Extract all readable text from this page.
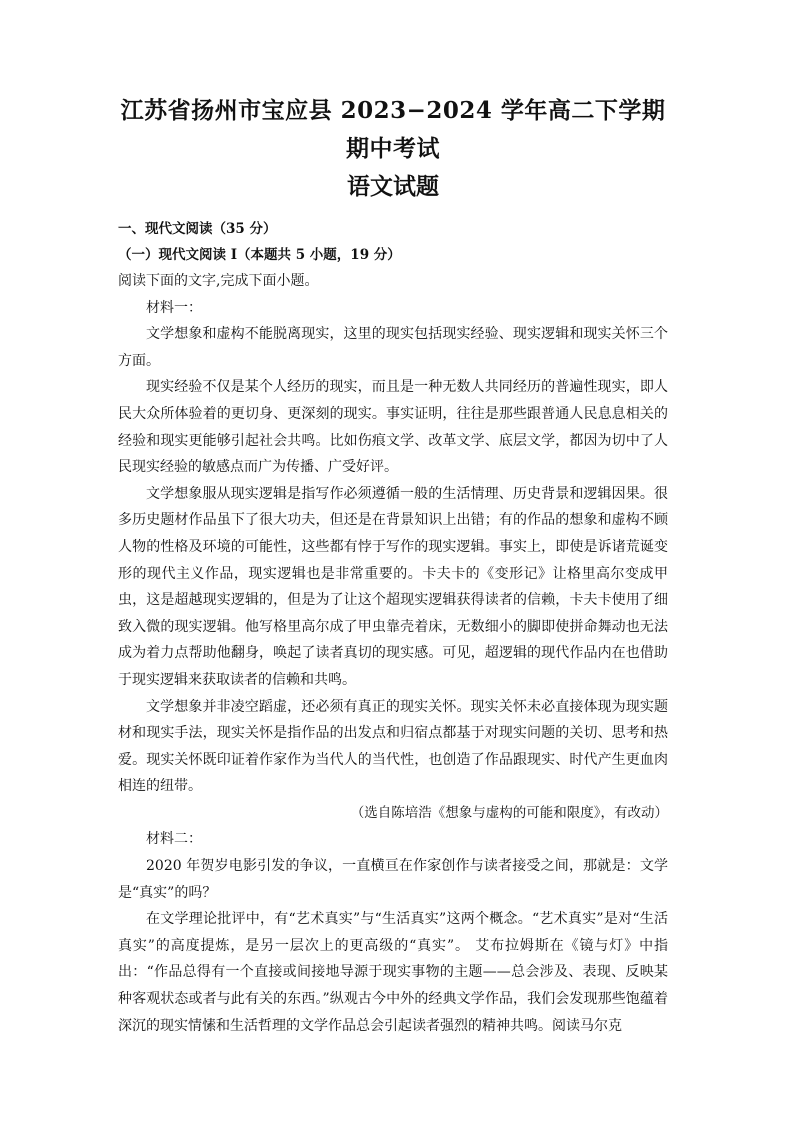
江苏省扬州市宝应县 2023−2024 学年高二下学期期中考试
语文试题
一、现代文阅读（35 分）
（一）现代文阅读 I（本题共 5 小题，19 分）

阅读下面的文字,完成下面小题。

材料一：

文学想象和虚构不能脱离现实，这里的现实包括现实经验、现实逻辑和现实关怀三个方面。

现实经验不仅是某个人经历的现实，而且是一种无数人共同经历的普遍性现实，即人民大众所体验着的更切身、更深刻的现实。事实证明，往往是那些跟普通人民息息相关的经验和现实更能够引起社会共鸣。比如伤痕文学、改革文学、底层文学，都因为切中了人民现实经验的敏感点而广为传播、广受好评。

文学想象服从现实逻辑是指写作必须遵循一般的生活情理、历史背景和逻辑因果。很多历史题材作品虽下了很大功夫，但还是在背景知识上出错；有的作品的想象和虚构不顾人物的性格及环境的可能性，这些都有悖于写作的现实逻辑。事实上，即使是诉诸荒诞变形的现代主义作品，现实逻辑也是非常重要的。卡夫卡的《变形记》让格里高尔变成甲虫，这是超越现实逻辑的，但是为了让这个超现实逻辑获得读者的信赖，卡夫卡使用了细致入微的现实逻辑。他写格里高尔成了甲虫靠壳着床，无数细小的脚即使拼命舞动也无法成为着力点帮助他翻身，唤起了读者真切的现实感。可见，超逻辑的现代作品内在也借助于现实逻辑来获取读者的信赖和共鸣。

文学想象并非凌空蹈虚，还必须有真正的现实关怀。现实关怀未必直接体现为现实题材和现实手法，现实关怀是指作品的出发点和归宿点都基于对现实问题的关切、思考和热爱。现实关怀既印证着作家作为当代人的当代性，也创造了作品跟现实、时代产生更血肉相连的纽带。

（选自陈培浩《想象与虚构的可能和限度》，有改动）

材料二：

2020 年贺岁电影引发的争议，一直横亘在作家创作与读者接受之间，那就是：文学是“真实”的吗？

在文学理论批评中，有“艺术真实”与“生活真实”这两个概念。“艺术真实”是对“生活真实”的高度提炼，是另一层次上的更高级的“真实”。 艾布拉姆斯在《镜与灯》中指出：“作品总得有一个直接或间接地导源于现实事物的主题——总会涉及、表现、反映某种客观状态或者与此有关的东西。”纵观古今中外的经典文学作品，我们会发现那些饱蕴着深沉的现实情愫和生活哲理的文学作品总会引起读者强烈的精神共鸣。阅读马尔克
